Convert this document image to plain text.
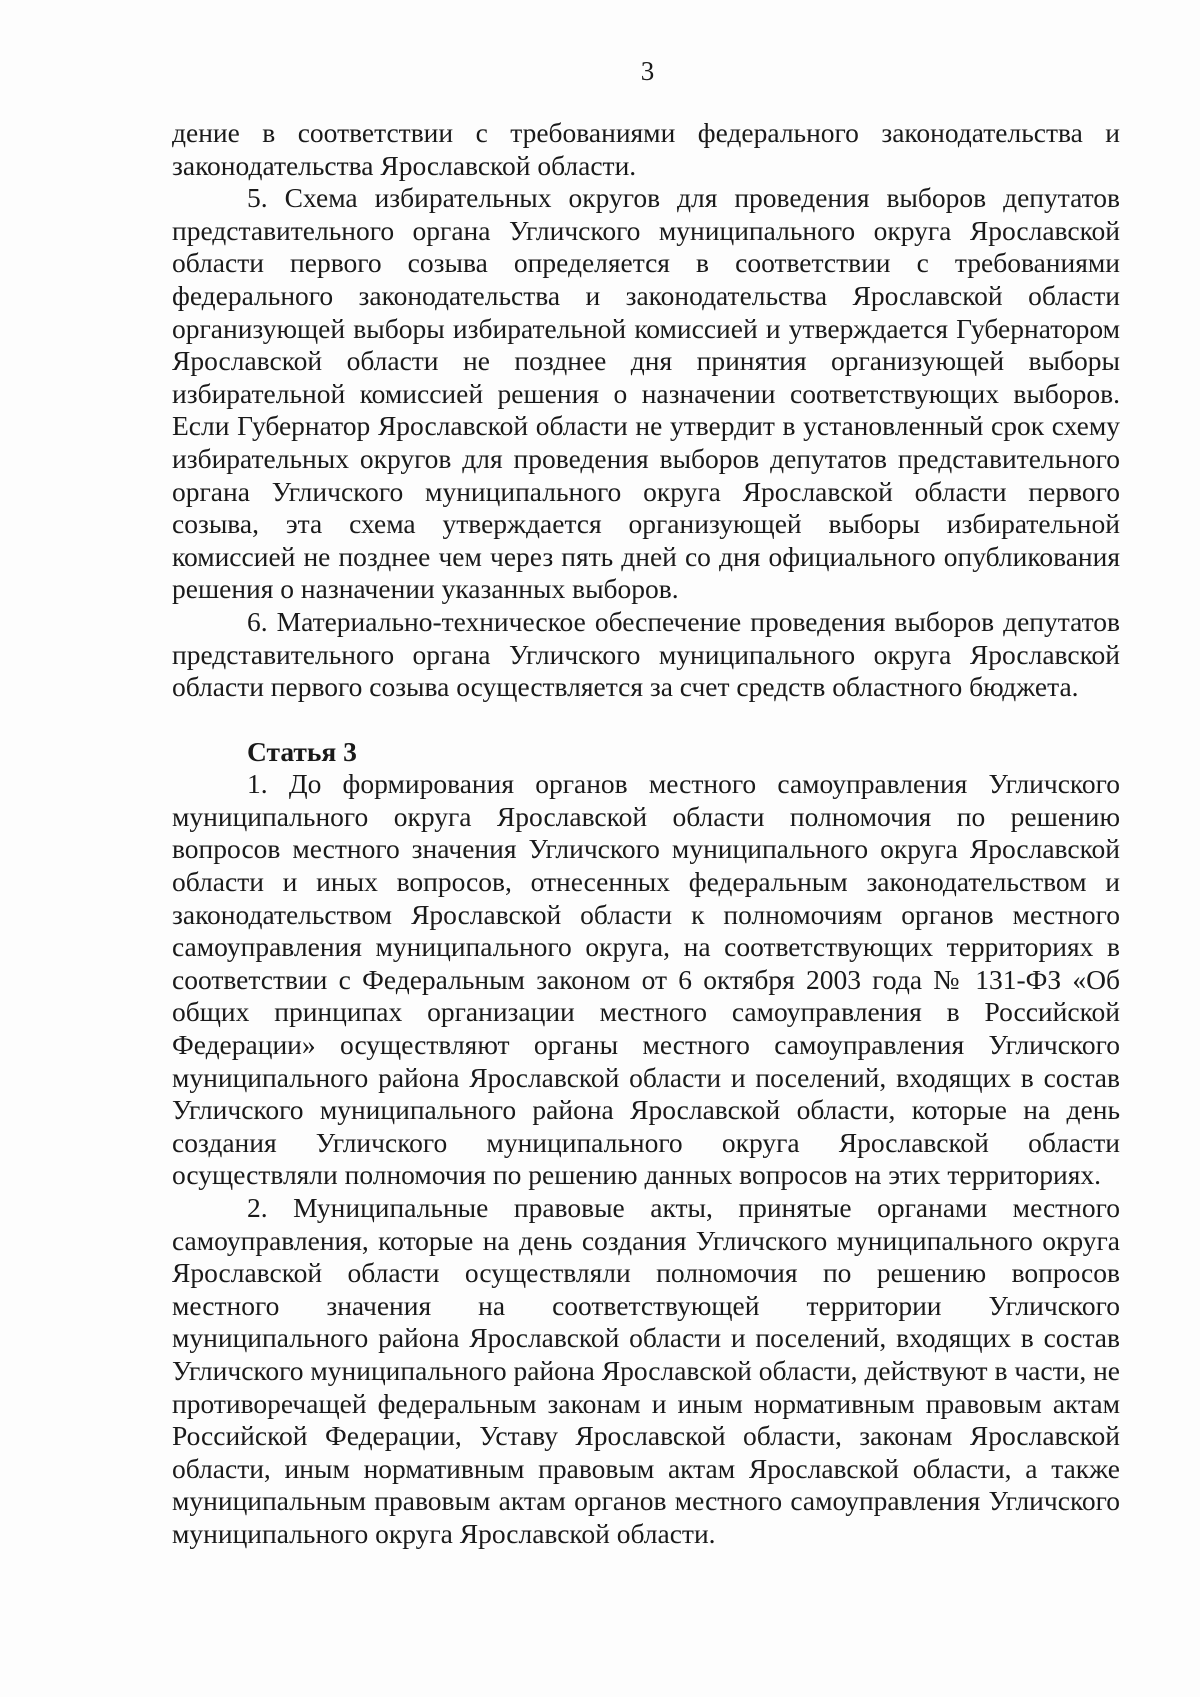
3

дение в соответствии с требованиями федерального законодательства и законодательства Ярославской области.

5. Схема избирательных округов для проведения выборов депутатов представительного органа Угличского муниципального округа Ярославской области первого созыва определяется в соответствии с требованиями федерального законодательства и законодательства Ярославской области организующей выборы избирательной комиссией и утверждается Губернатором Ярославской области не позднее дня принятия организующей выборы избирательной комиссией решения о назначении соответствующих выборов. Если Губернатор Ярославской области не утвердит в установленный срок схему избирательных округов для проведения выборов депутатов представительного органа Угличского муниципального округа Ярославской области первого созыва, эта схема утверждается организующей выборы избирательной комиссией не позднее чем через пять дней со дня официального опубликования решения о назначении указанных выборов.

6. Материально-техническое обеспечение проведения выборов депутатов представительного органа Угличского муниципального округа Ярославской области первого созыва осуществляется за счет средств областного бюджета.

Статья 3

1. До формирования органов местного самоуправления Угличского муниципального округа Ярославской области полномочия по решению вопросов местного значения Угличского муниципального округа Ярославской области и иных вопросов, отнесенных федеральным законодательством и законодательством Ярославской области к полномочиям органов местного самоуправления муниципального округа, на соответствующих территориях в соответствии с Федеральным законом от 6 октября 2003 года № 131-ФЗ «Об общих принципах организации местного самоуправления в Российской Федерации» осуществляют органы местного самоуправления Угличского муниципального района Ярославской области и поселений, входящих в состав Угличского муниципального района Ярославской области, которые на день создания Угличского муниципального округа Ярославской области осуществляли полномочия по решению данных вопросов на этих территориях.

2. Муниципальные правовые акты, принятые органами местного самоуправления, которые на день создания Угличского муниципального округа Ярославской области осуществляли полномочия по решению вопросов местного значения на соответствующей территории Угличского муниципального района Ярославской области и поселений, входящих в состав Угличского муниципального района Ярославской области, действуют в части, не противоречащей федеральным законам и иным нормативным правовым актам Российской Федерации, Уставу Ярославской области, законам Ярославской области, иным нормативным правовым актам Ярославской области, а также муниципальным правовым актам органов местного самоуправления Угличского муниципального округа Ярославской области.
